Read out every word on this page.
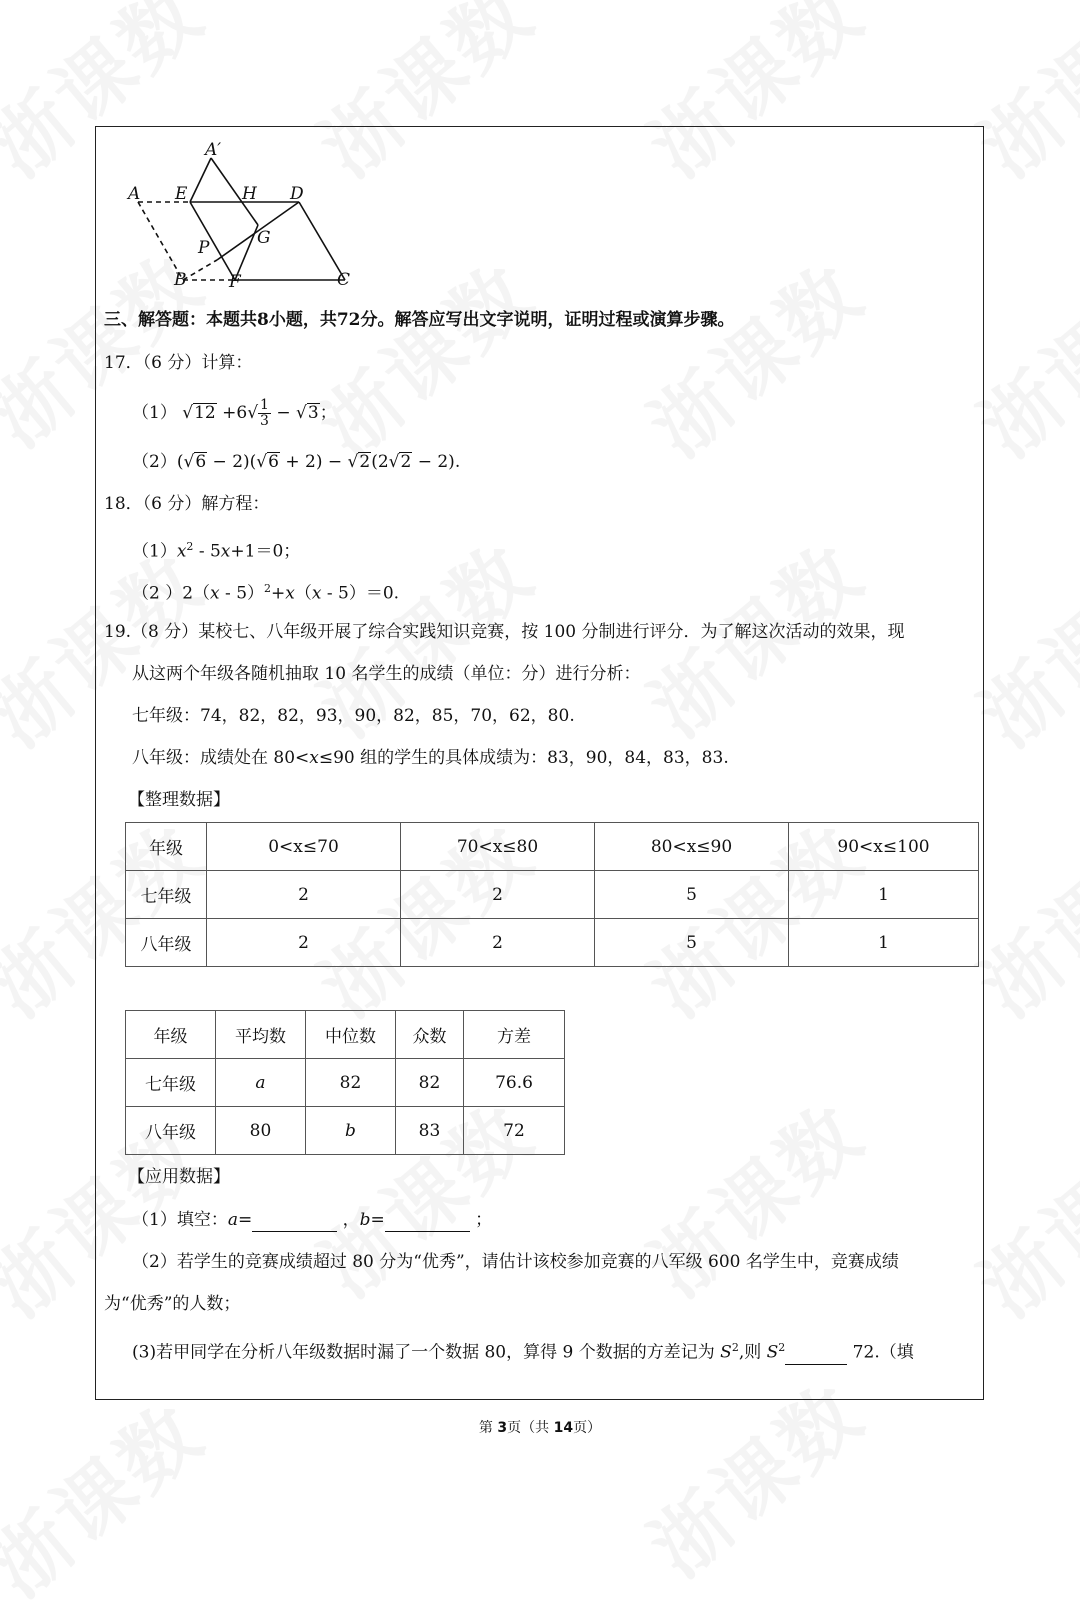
A′
A E	H D
G
P
B	F	C
三、解答题：本题共8小题，共72分。解答应写出文字说明，证明过程或演算步骤。
17．（6 分）计算：
（1） $√12 +6√ \frac{1}{3} - √3$；
（2）(√6 − 2)(√6 + 2) − √2(2√2 − 2).
18．（6 分）解方程：
$(1)x^2 - 5x+1=0$；
（2 ）2（x - 5）$^2$+x（x - 5）＝0.
19.（8 分）某校七、八年级开展了综合实践知识竞赛，按 100 分制进行评分．为了解这次活动的效果，现
从这两个年级各随机抽取 10 名学生的成绩（单位：分）进行分析：
七年级：74，82，82，93，90，82，85，70，62，80.
八年级：成绩处在 80<x≤90 组的学生的具体成绩为：83，90，84，83，83.
【整理数据】
年级	0<x≤70	70<x≤80	80<x≤90	90<x≤100
七年级	2	2	5	1
八年级	2	2	5	1
年级	平均数	中位数	众数	方差
七年级	a	82	82	76.6
八年级	80	b	83	72
【应用数据】
（1）填空：a=	，b=	；
（2）若学生的竞赛成绩超过 80 分为“优秀”，请估计该校参加竞赛的八军级 600 名学生中，竞赛成绩
为“优秀”的人数；
(3)若甲同学在分析八年级数据时漏了一个数据 80，算得 9 个数据的方差记为 $S^2$,则 $S^2$	72.（填
第 3页（共 14页）
